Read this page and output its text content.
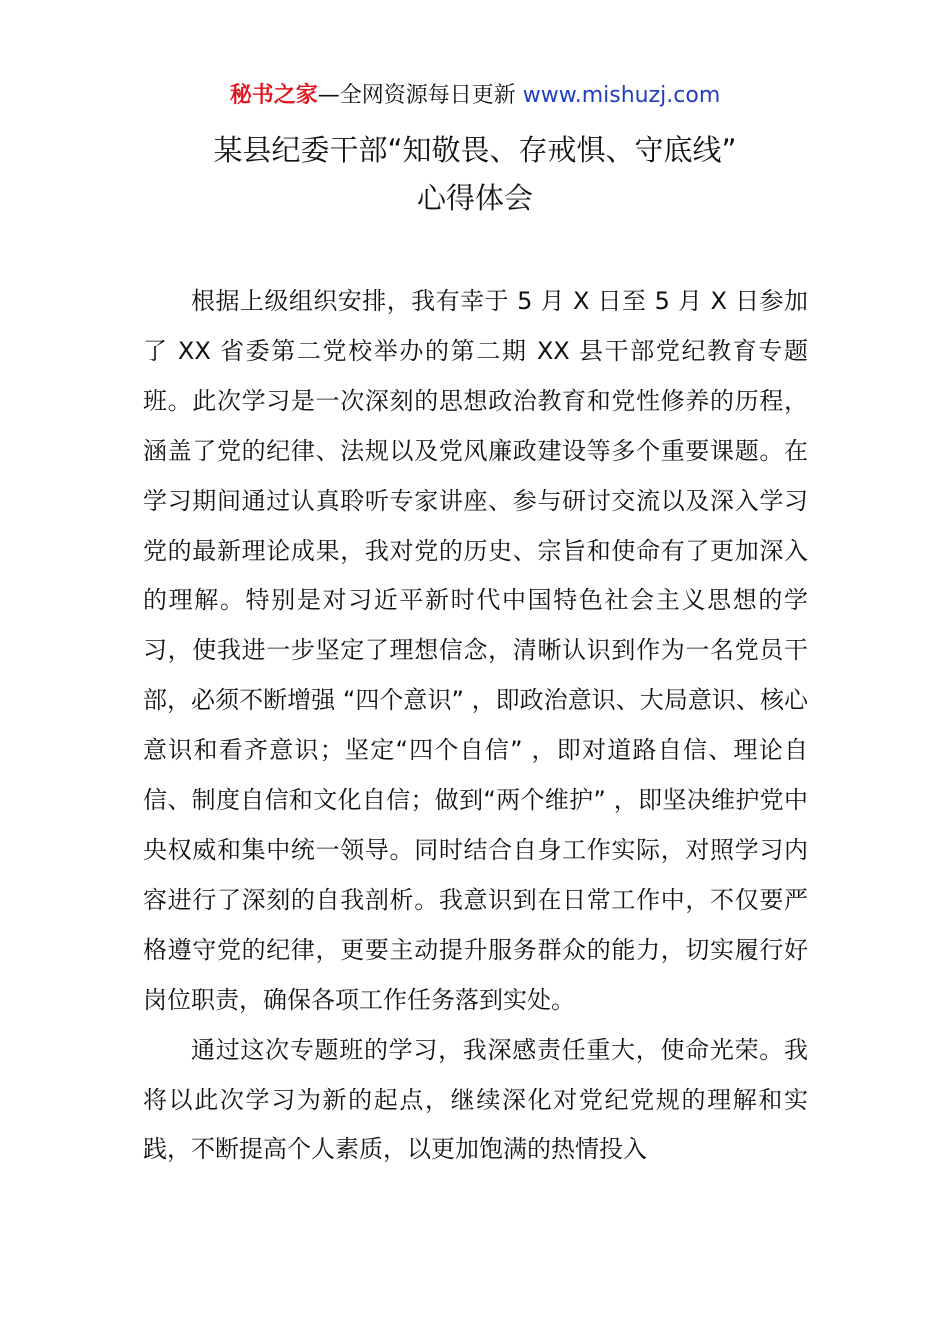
秘书之家—全网资源每日更新 www.mishuzj.com
某县纪委干部“知敬畏、存戒惧、守底线”
心得体会

根据上级组织安排，我有幸于 5 月 X 日至 5 月 X 日参加了 XX 省委第二党校举办的第二期 XX 县干部党纪教育专题班。此次学习是一次深刻的思想政治教育和党性修养的历程，涵盖了党的纪律、法规以及党风廉政建设等多个重要课题。在学习期间通过认真聆听专家讲座、参与研讨交流以及深入学习党的最新理论成果，我对党的历史、宗旨和使命有了更加深入的理解。特别是对习近平新时代中国特色社会主义思想的学习，使我进一步坚定了理想信念，清晰认识到作为一名党员干部，必须不断增强 “四个意识” ，即政治意识、大局意识、核心意识和看齐意识；坚定“四个自信” ，即对道路自信、理论自信、制度自信和文化自信；做到“两个维护” ，即坚决维护党中央权威和集中统一领导。同时结合自身工作实际，对照学习内容进行了深刻的自我剖析。我意识到在日常工作中，不仅要严格遵守党的纪律，更要主动提升服务群众的能力，切实履行好岗位职责，确保各项工作任务落到实处。

通过这次专题班的学习，我深感责任重大，使命光荣。我将以此次学习为新的起点，继续深化对党纪党规的理解和实践，不断提高个人素质，以更加饱满的热情投入
